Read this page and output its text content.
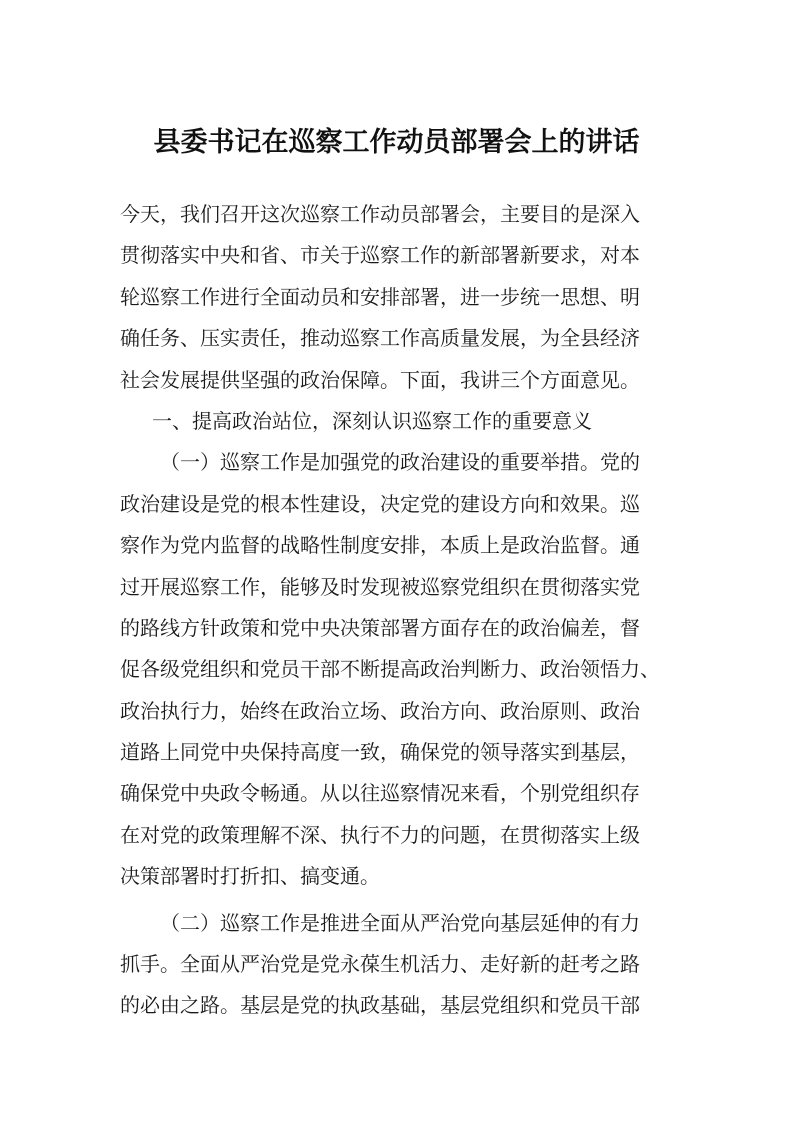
县委书记在巡察工作动员部署会上的讲话
今天，我们召开这次巡察工作动员部署会，主要目的是深入
贯彻落实中央和省、市关于巡察工作的新部署新要求，对本
轮巡察工作进行全面动员和安排部署，进一步统一思想、明
确任务、压实责任，推动巡察工作高质量发展，为全县经济
社会发展提供坚强的政治保障。下面，我讲三个方面意见。
一、提高政治站位，深刻认识巡察工作的重要意义
（一）巡察工作是加强党的政治建设的重要举措。党的
政治建设是党的根本性建设，决定党的建设方向和效果。巡
察作为党内监督的战略性制度安排，本质上是政治监督。通
过开展巡察工作，能够及时发现被巡察党组织在贯彻落实党
的路线方针政策和党中央决策部署方面存在的政治偏差，督
促各级党组织和党员干部不断提高政治判断力、政治领悟力、
政治执行力，始终在政治立场、政治方向、政治原则、政治
道路上同党中央保持高度一致，确保党的领导落实到基层，
确保党中央政令畅通。从以往巡察情况来看，个别党组织存
在对党的政策理解不深、执行不力的问题，在贯彻落实上级
决策部署时打折扣、搞变通。
（二）巡察工作是推进全面从严治党向基层延伸的有力
抓手。全面从严治党是党永葆生机活力、走好新的赶考之路
的必由之路。基层是党的执政基础，基层党组织和党员干部
